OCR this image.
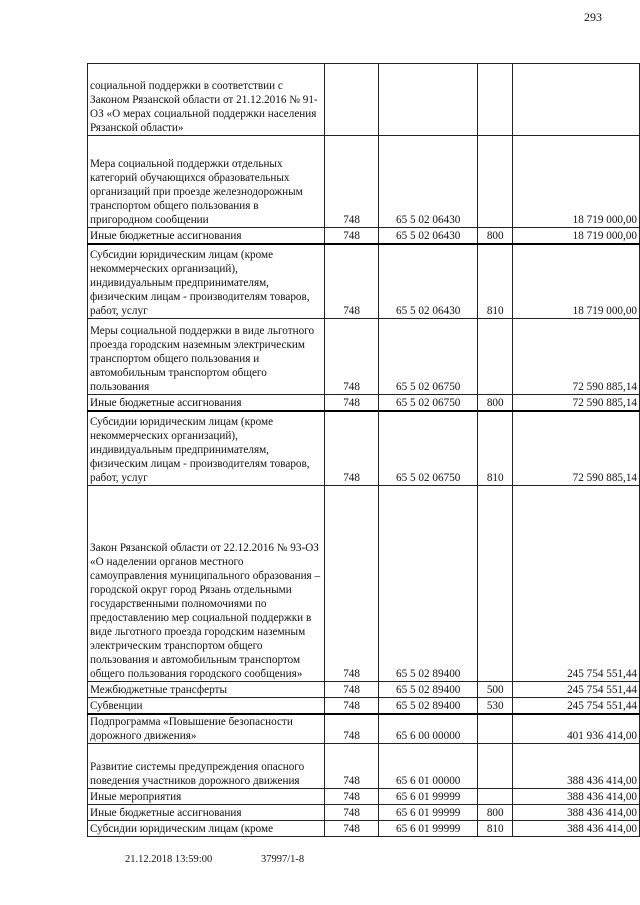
293
социальной поддержки в соответствии с Законом Рязанской области от 21.12.2016 № 91-ОЗ «О мерах социальной поддержки населения Рязанской области»				
Мера социальной поддержки отдельных категорий обучающихся образовательных организаций при проезде железнодорожным транспортом общего пользования в пригородном сообщении	748	65 5 02 06430		18 719 000,00
Иные бюджетные ассигнования	748	65 5 02 06430	800	18 719 000,00
Субсидии юридическим лицам (кроме некоммерческих организаций), индивидуальным предпринимателям, физическим лицам - производителям товаров, работ, услуг	748	65 5 02 06430	810	18 719 000,00
Меры социальной поддержки в виде льготного проезда городским наземным электрическим транспортом общего пользования и автомобильным транспортом общего пользования	748	65 5 02 06750		72 590 885,14
Иные бюджетные ассигнования	748	65 5 02 06750	800	72 590 885,14
Субсидии юридическим лицам (кроме некоммерческих организаций), индивидуальным предпринимателям, физическим лицам - производителям товаров, работ, услуг	748	65 5 02 06750	810	72 590 885,14
Закон Рязанской области от 22.12.2016 № 93-ОЗ «О наделении органов местного самоуправления муниципального образования – городской округ город Рязань отдельными государственными полномочиями по предоставлению мер социальной поддержки в виде льготного проезда городским наземным электрическим транспортом общего пользования и автомобильным транспортом общего пользования городского сообщения»	748	65 5 02 89400		245 754 551,44
Межбюджетные трансферты	748	65 5 02 89400	500	245 754 551,44
Субвенции	748	65 5 02 89400	530	245 754 551,44
Подпрограмма «Повышение безопасности дорожного движения»	748	65 6 00 00000		401 936 414,00
Развитие системы предупреждения опасного поведения участников дорожного движения	748	65 6 01 00000		388 436 414,00
Иные мероприятия	748	65 6 01 99999		388 436 414,00
Иные бюджетные ассигнования	748	65 6 01 99999	800	388 436 414,00
Субсидии юридическим лицам (кроме	748	65 6 01 99999	810	388 436 414,00
21.12.2018 13:59:00	37997/1-8
